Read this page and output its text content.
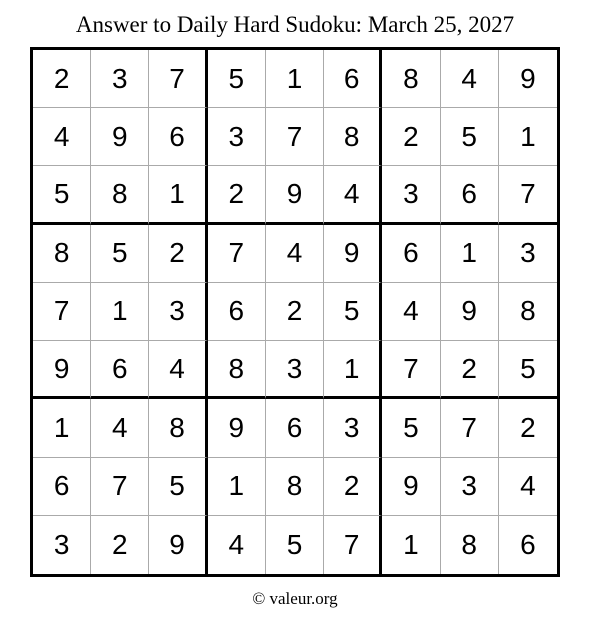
Answer to Daily Hard Sudoku: March 25, 2027
2	3	7	5	1	6	8	4	9
4	9	6	3	7	8	2	5	1
5	8	1	2	9	4	3	6	7
8	5	2	7	4	9	6	1	3
7	1	3	6	2	5	4	9	8
9	6	4	8	3	1	7	2	5
1	4	8	9	6	3	5	7	2
6	7	5	1	8	2	9	3	4
3	2	9	4	5	7	1	8	6
© valeur.org
